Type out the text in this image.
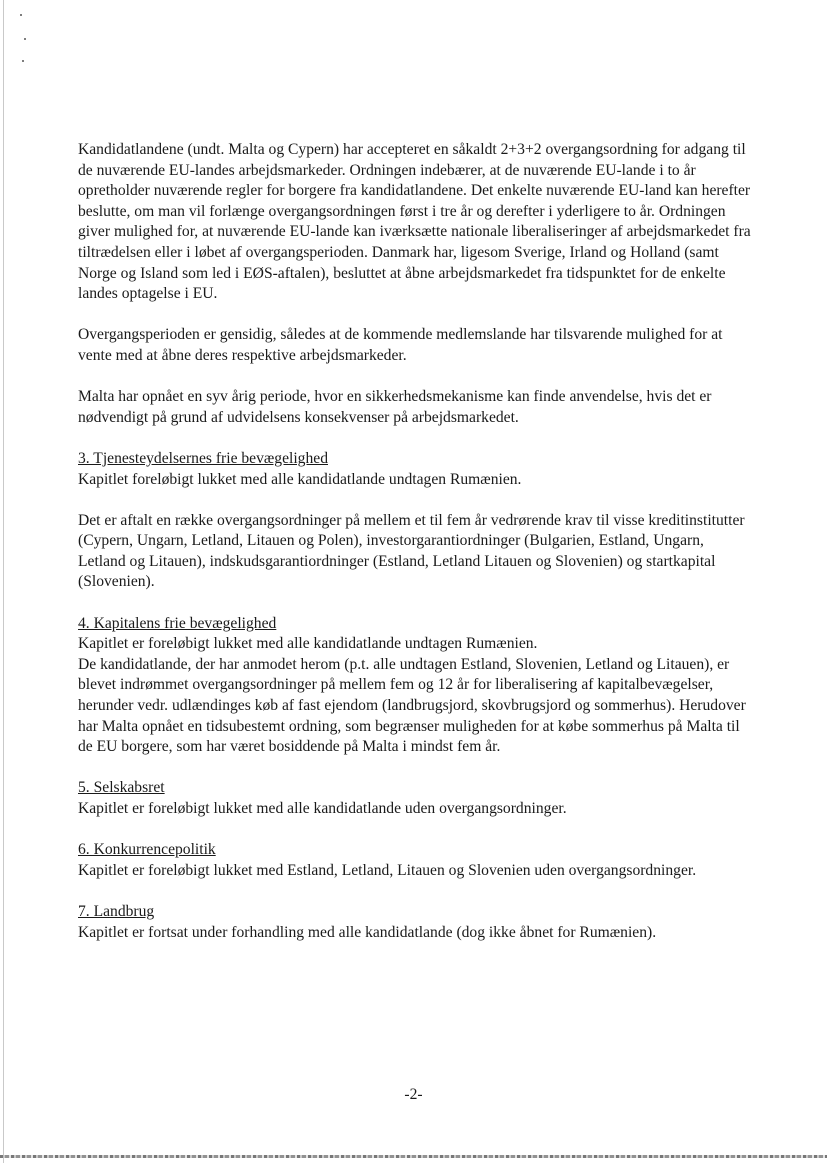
Kandidatlandene (undt. Malta og Cypern) har accepteret en såkaldt 2+3+2 overgangsordning for adgang til de nuværende EU-landes arbejdsmarkeder. Ordningen indebærer, at de nuværende EU-lande i to år opretholder nuværende regler for borgere fra kandidatlandene. Det enkelte nuværende EU-land kan herefter beslutte, om man vil forlænge overgangsordningen først i tre år og derefter i yderligere to år. Ordningen giver mulighed for, at nuværende EU-lande kan iværksætte nationale liberaliseringer af arbejdsmarkedet fra tiltrædelsen eller i løbet af overgangsperioden. Danmark har, ligesom Sverige, Irland og Holland (samt Norge og Island som led i EØS-aftalen), besluttet at åbne arbejdsmarkedet fra tidspunktet for de enkelte landes optagelse i EU.

Overgangsperioden er gensidig, således at de kommende medlemslande har tilsvarende mulighed for at vente med at åbne deres respektive arbejdsmarkeder.

Malta har opnået en syv årig periode, hvor en sikkerhedsmekanisme kan finde anvendelse, hvis det er nødvendigt på grund af udvidelsens konsekvenser på arbejdsmarkedet.

3. Tjenesteydelsernes frie bevægelighed
Kapitlet foreløbigt lukket med alle kandidatlande undtagen Rumænien.

Det er aftalt en række overgangsordninger på mellem et til fem år vedrørende krav til visse kreditinstitutter (Cypern, Ungarn, Letland, Litauen og Polen), investorgarantiordninger (Bulgarien, Estland, Ungarn, Letland og Litauen), indskudsgarantiordninger (Estland, Letland Litauen og Slovenien) og startkapital (Slovenien).

4. Kapitalens frie bevægelighed
Kapitlet er foreløbigt lukket med alle kandidatlande undtagen Rumænien.
De kandidatlande, der har anmodet herom (p.t. alle undtagen Estland, Slovenien, Letland og Litauen), er blevet indrømmet overgangsordninger på mellem fem og 12 år for liberalisering af kapitalbevægelser, herunder vedr. udlændinges køb af fast ejendom (landbrugsjord, skovbrugsjord og sommerhus). Herudover har Malta opnået en tidsubestemt ordning, som begrænser muligheden for at købe sommerhus på Malta til de EU borgere, som har været bosiddende på Malta i mindst fem år.

5. Selskabsret
Kapitlet er foreløbigt lukket med alle kandidatlande uden overgangsordninger.

6. Konkurrencepolitik
Kapitlet er foreløbigt lukket med Estland, Letland, Litauen og Slovenien uden overgangsordninger.

7. Landbrug
Kapitlet er fortsat under forhandling med alle kandidatlande (dog ikke åbnet for Rumænien).

-2-
